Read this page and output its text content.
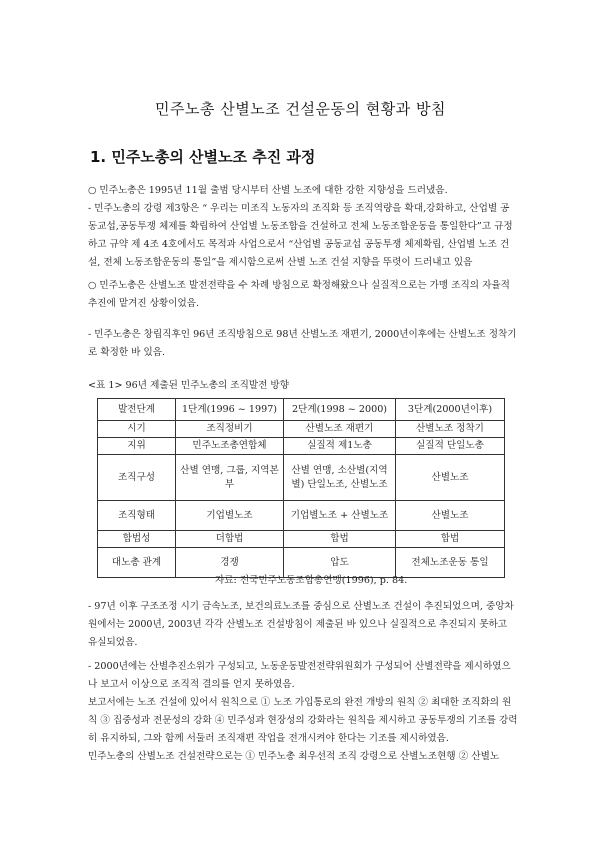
민주노총 산별노조 건설운동의 현황과 방침
1. 민주노총의 산별노조 추진 과정
○ 민주노총은 1995년 11월 출범 당시부터 산별 노조에 대한 강한 지향성을 드러냈음.
- 민주노총의 강령 제3항은 “ 우리는 미조직 노동자의 조직화 등 조직역량을 확대,강화하고, 산업별 공동교섭,공동투쟁 체제를 확립하여 산업별 노동조합을 건설하고 전체 노동조합운동을 통일한다”고 규정하고 규약 제 4조 4호에서도 목적과 사업으로서 “산업별 공동교섭 공동투쟁 체제확립, 산업별 노조 건설, 전체 노동조합운동의 통일”을 제시함으로써 산별 노조 건설 지향을 뚜렷이 드러내고 있음
○ 민주노총은 산별노조 발전전략을 수 차례 방침으로 확정해왔으나 실질적으로는 가맹 조직의 자율적 추진에 맡겨진 상황이었음.
- 민주노총은 창립직후인 96년 조직방침으로 98년 산별노조 재편기, 2000년이후에는 산별노조 정착기로 확정한 바 있음.
<표 1> 96년 제출된 민주노총의 조직발전 방향
발전단계	1단계(1996 ~ 1997)	2단계(1998 ~ 2000)	3단계(2000년이후)
시기	조직정비기	산별노조 재편기	산별노조 정착기
지위	민주노조총연합체	실질적 제1노총	실질적 단일노총
조직구성	산별 연맹, 그룹, 지역본부	산별 연맹, 소산별(지역별) 단일노조, 산별노조	산별노조
조직형태	기업별노조	기업별노조 + 산별노조	산별노조
합법성	더합법	합법	합법
대노총 관계	경쟁	압도	전체노조운동 통일
자료: 전국민주노동조합총연맹(1996), p. 84.
- 97년 이후 구조조정 시기 금속노조, 보건의료노조를 중심으로 산별노조 건설이 추진되었으며, 중앙차원에서는 2000년, 2003년 각각 산별노조 건설방침이 제출된 바 있으나 실질적으로 추진되지 못하고 유실되었음.
- 2000년에는 산별추진소위가 구성되고, 노동운동발전전략위원회가 구성되어 산별전략을 제시하였으나 보고서 이상으로 조직적 결의를 얻지 못하였음.
보고서에는 노조 건설에 있어서 원칙으로 ① 노조 가입통로의 완전 개방의 원칙 ② 최대한 조직화의 원칙 ③ 집중성과 전문성의 강화 ④ 민주성과 현장성의 강화라는 원칙을 제시하고 공동투쟁의 기조를 강력히 유지하되, 그와 함께 서둘러 조직재편 작업을 전개시켜야 한다는 기조를 제시하였음.
민주노총의 산별노조 건설전략으로는 ① 민주노총 최우선적 조직 강령으로 산별노조현행 ② 산별노
